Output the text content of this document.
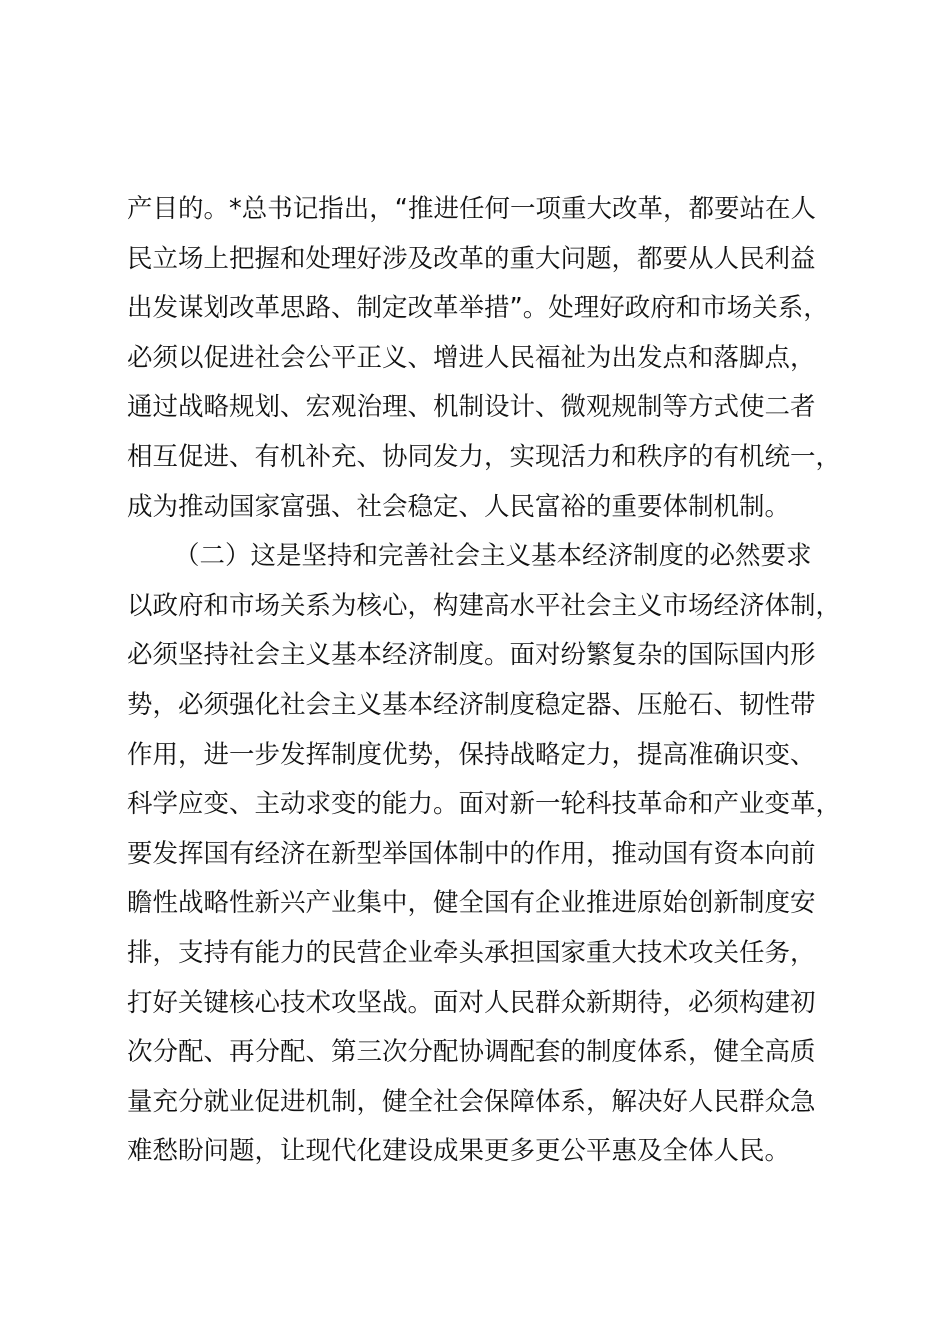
产目的。*总书记指出，“推进任何一项重大改革，都要站在人
民立场上把握和处理好涉及改革的重大问题，都要从人民利益
出发谋划改革思路、制定改革举措”。处理好政府和市场关系，
必须以促进社会公平正义、增进人民福祉为出发点和落脚点，
通过战略规划、宏观治理、机制设计、微观规制等方式使二者
相互促进、有机补充、协同发力，实现活力和秩序的有机统一，
成为推动国家富强、社会稳定、人民富裕的重要体制机制。
（二）这是坚持和完善社会主义基本经济制度的必然要求
以政府和市场关系为核心，构建高水平社会主义市场经济体制，
必须坚持社会主义基本经济制度。面对纷繁复杂的国际国内形
势，必须强化社会主义基本经济制度稳定器、压舱石、韧性带
作用，进一步发挥制度优势，保持战略定力，提高准确识变、
科学应变、主动求变的能力。面对新一轮科技革命和产业变革，
要发挥国有经济在新型举国体制中的作用，推动国有资本向前
瞻性战略性新兴产业集中，健全国有企业推进原始创新制度安
排，支持有能力的民营企业牵头承担国家重大技术攻关任务，
打好关键核心技术攻坚战。面对人民群众新期待，必须构建初
次分配、再分配、第三次分配协调配套的制度体系，健全高质
量充分就业促进机制，健全社会保障体系，解决好人民群众急
难愁盼问题，让现代化建设成果更多更公平惠及全体人民。
